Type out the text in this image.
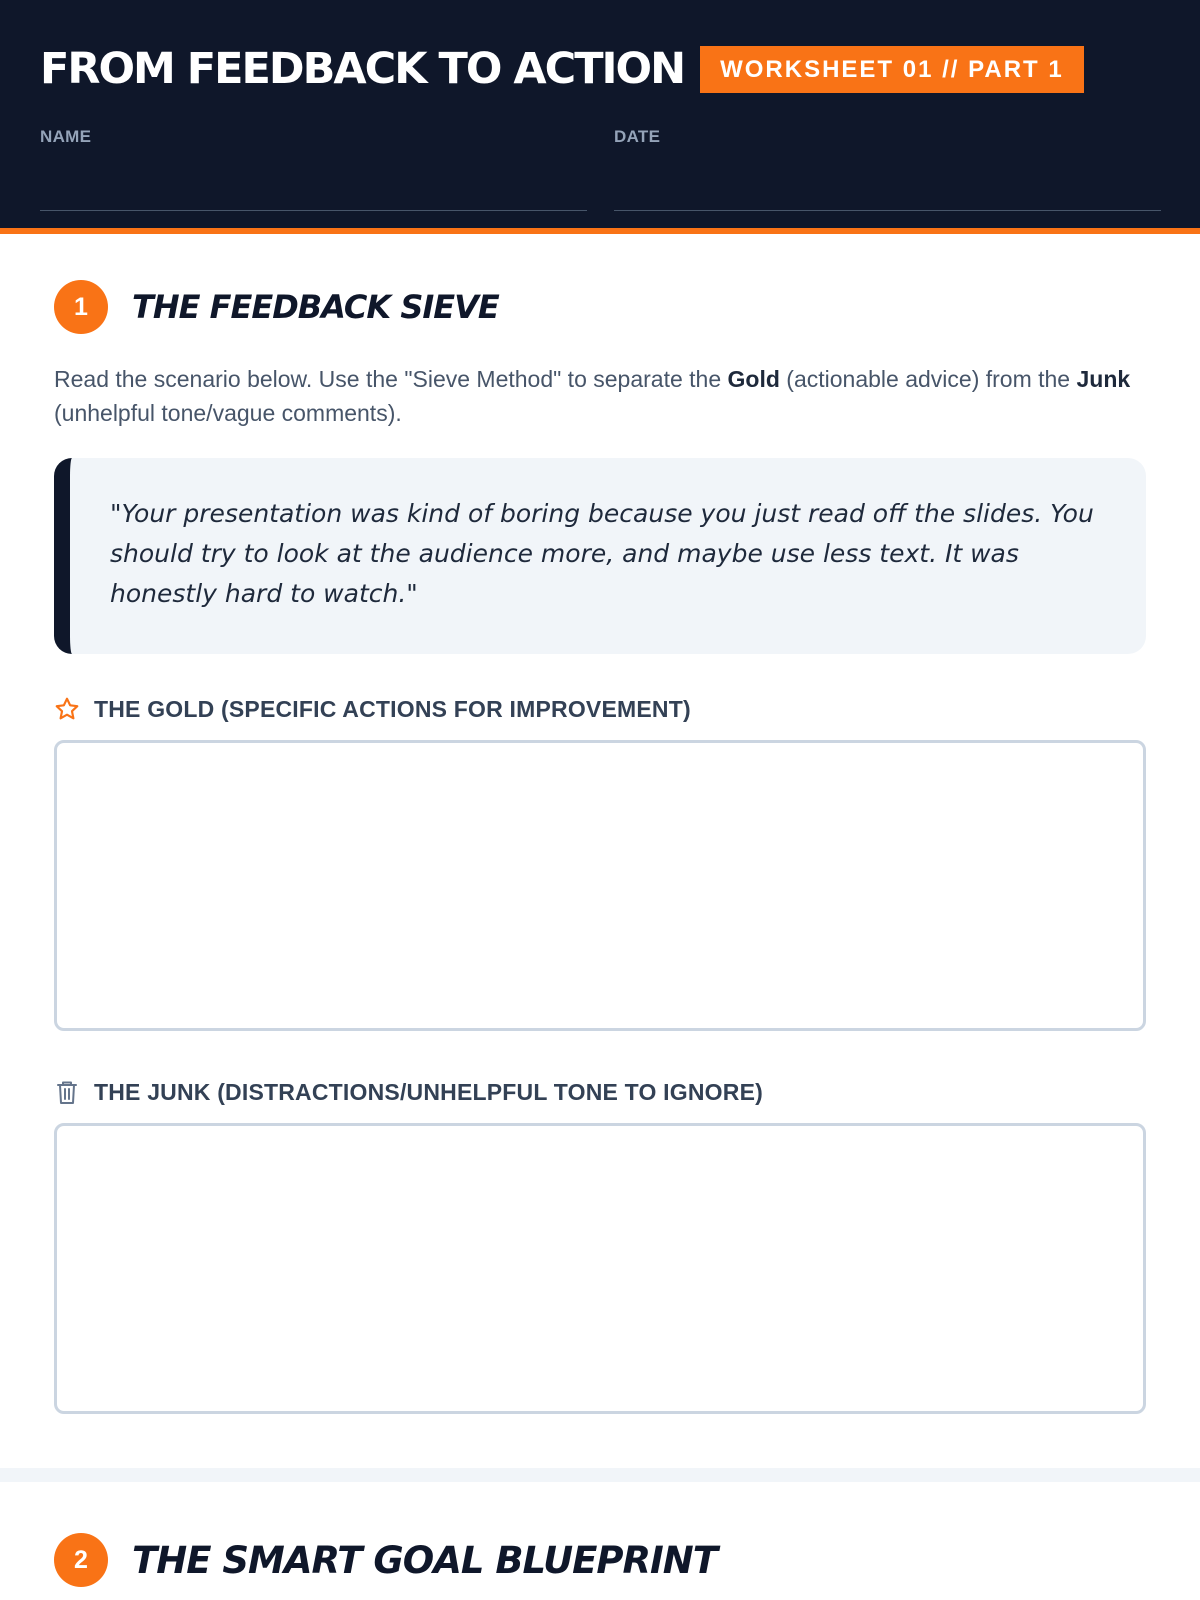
FROM FEEDBACK TO ACTION	WORKSHEET 01 // PART 1
NAME	DATE
1	THE FEEDBACK SIEVE
Read the scenario below. Use the "Sieve Method" to separate the Gold (actionable advice) from the Junk (unhelpful tone/vague comments).
"Your presentation was kind of boring because you just read off the slides. You should try to look at the audience more, and maybe use less text. It was honestly hard to watch."
THE GOLD (SPECIFIC ACTIONS FOR IMPROVEMENT)
THE JUNK (DISTRACTIONS/UNHELPFUL TONE TO IGNORE)
2	THE SMART GOAL BLUEPRINT
